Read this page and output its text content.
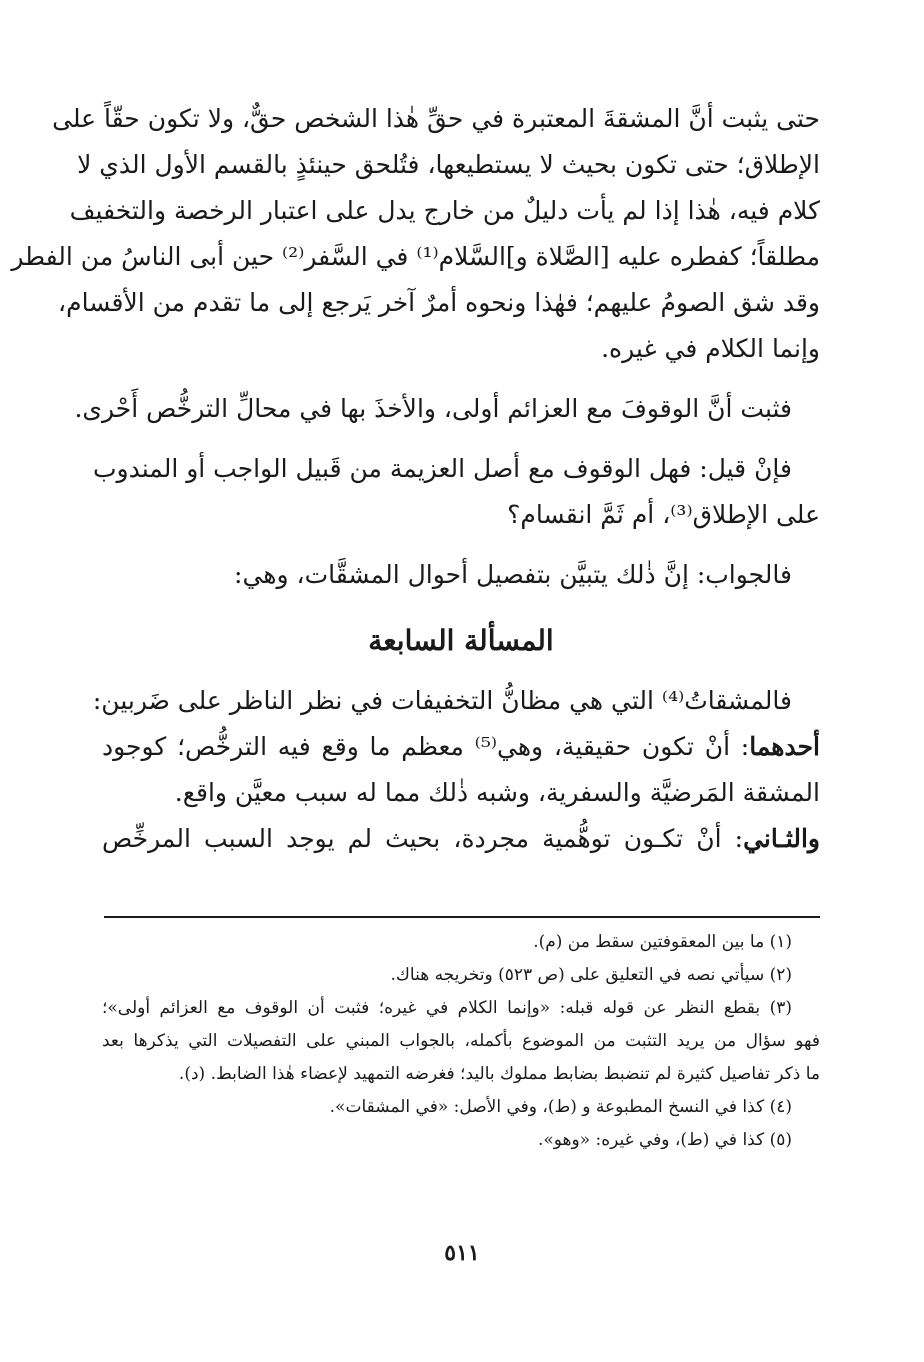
حتى يثبت أنَّ المشقةَ المعتبرة في حقِّ هٰذا الشخص حقٌّ، ولا تكون حقّاً على
الإطلاق؛ حتى تكون بحيث لا يستطيعها، فتُلحق حينئذٍ بالقسم الأول الذي لا
كلام فيه، هٰذا إذا لم يأت دليلٌ من خارج يدل على اعتبار الرخصة والتخفيف
مطلقاً؛ كفطره عليه [الصَّلاة و]السَّلام⁽¹⁾ في السَّفر⁽²⁾ حين أبى الناسُ من الفطر
وقد شق الصومُ عليهم؛ فهٰذا ونحوه أمرٌ آخر يَرجع إلى ما تقدم من الأقسام،
وإنما الكلام في غيره.
فثبت أنَّ الوقوفَ مع العزائم أولى، والأخذَ بها في محالِّ الترخُّص أَحْرى.
فإنْ قيل: فهل الوقوف مع أصل العزيمة من قَبيل الواجب أو المندوب
على الإطلاق⁽³⁾، أم ثَمَّ انقسام؟
فالجواب: إنَّ ذٰلك يتبيَّن بتفصيل أحوال المشقَّات، وهي:
المسألة السابعة
فالمشقاتُ⁽⁴⁾ التي هي مظانُّ التخفيفات في نظر الناظر على ضَربين:
أحدهما: أنْ تكون حقيقية، وهي⁽⁵⁾ معظم ما وقع فيه الترخُّص؛ كوجود
المشقة المَرضيَّة والسفرية، وشبه ذٰلك مما له سبب معيَّن واقع.
والثـاني: أنْ تكـون توهُّمية مجردة، بحيث لم يوجد السبب المرخِّص
(١) ما بين المعقوفتين سقط من (م).
(٢) سيأتي نصه في التعليق على (ص ٥٢٣) وتخريجه هناك.
(٣) بقطع النظر عن قوله قبله: «وإنما الكلام في غيره؛ فثبت أن الوقوف مع العزائم أولى»؛
فهو سؤال من يريد التثبت من الموضوع بأكمله، بالجواب المبني على التفصيلات التي يذكرها بعد
ما ذكر تفاصيل كثيرة لم تنضبط بضابط مملوك باليد؛ فغرضه التمهيد لإعضاء هٰذا الضابط. (د).
(٤) كذا في النسخ المطبوعة و (ط)، وفي الأصل: «في المشقات».
(٥) كذا في (ط)، وفي غيره: «وهو».
٥١١
